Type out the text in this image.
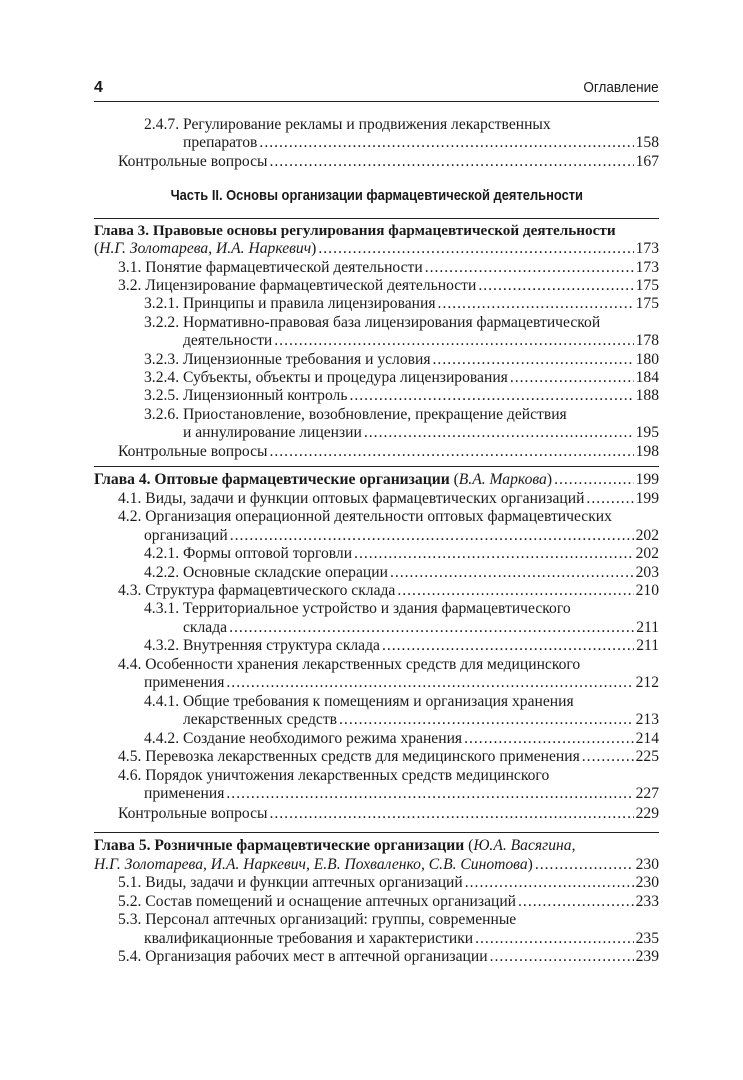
4	Оглавление
2.4.7. Регулирование рекламы и продвижения лекарственных
препаратов .....	158
Контрольные вопросы .....	167
Часть II. Основы организации фармацевтической деятельности
Глава 3. Правовые основы регулирования фармацевтической деятельности
(Н.Г. Золотарева, И.А. Наркевич) .....	173
3.1. Понятие фармацевтической деятельности .....	173
3.2. Лицензирование фармацевтической деятельности .....	175
3.2.1. Принципы и правила лицензирования .....	175
3.2.2. Нормативно-правовая база лицензирования фармацевтической
деятельности .....	178
3.2.3. Лицензионные требования и условия .....	180
3.2.4. Субъекты, объекты и процедура лицензирования .....	184
3.2.5. Лицензионный контроль .....	188
3.2.6. Приостановление, возобновление, прекращение действия
и аннулирование лицензии .....	195
Контрольные вопросы .....	198
Глава 4. Оптовые фармацевтические организации (В.А. Маркова) .....	199
4.1. Виды, задачи и функции оптовых фармацевтических организаций .....	199
4.2. Организация операционной деятельности оптовых фармацевтических
организаций .....	202
4.2.1. Формы оптовой торговли .....	202
4.2.2. Основные складские операции .....	203
4.3. Структура фармацевтического склада .....	210
4.3.1. Территориальное устройство и здания фармацевтического
склада .....	211
4.3.2. Внутренняя структура склада .....	211
4.4. Особенности хранения лекарственных средств для медицинского
применения .....	212
4.4.1. Общие требования к помещениям и организация хранения
лекарственных средств .....	213
4.4.2. Создание необходимого режима хранения .....	214
4.5. Перевозка лекарственных средств для медицинского применения .....	225
4.6. Порядок уничтожения лекарственных средств медицинского
применения .....	227
Контрольные вопросы .....	229
Глава 5. Розничные фармацевтические организации (Ю.А. Васягина,
Н.Г. Золотарева, И.А. Наркевич, Е.В. Похваленко, С.В. Синотова) .....	230
5.1. Виды, задачи и функции аптечных организаций .....	230
5.2. Состав помещений и оснащение аптечных организаций .....	233
5.3. Персонал аптечных организаций: группы, современные
квалификационные требования и характеристики .....	235
5.4. Организация рабочих мест в аптечной организации .....	239
